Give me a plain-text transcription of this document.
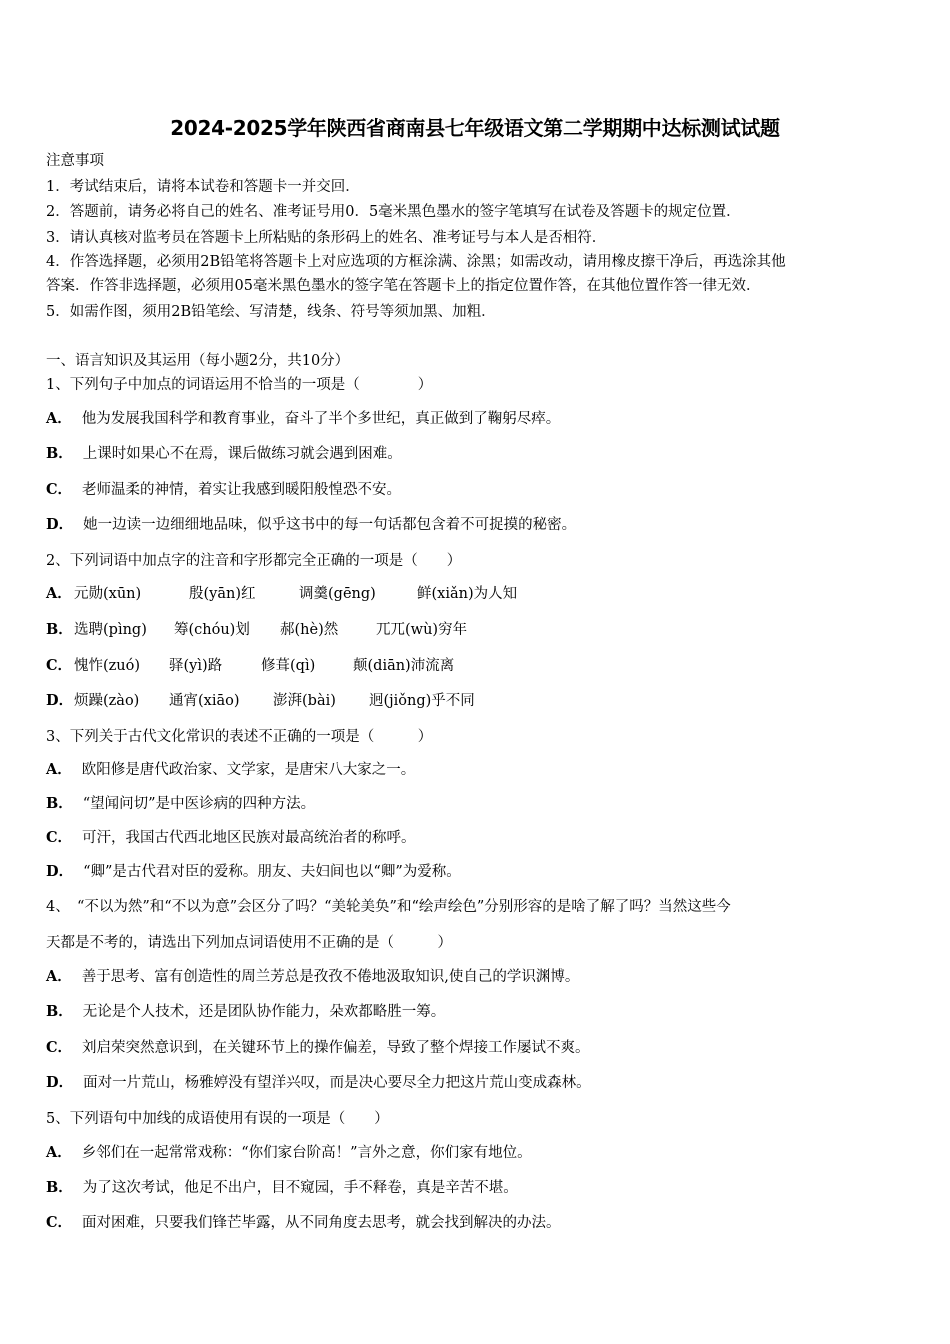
2024-2025学年陕西省商南县七年级语文第二学期期中达标测试试题
注意事项
1．考试结束后，请将本试卷和答题卡一并交回．
2．答题前，请务必将自己的姓名、准考证号用0．5毫米黑色墨水的签字笔填写在试卷及答题卡的规定位置．
3．请认真核对监考员在答题卡上所粘贴的条形码上的姓名、准考证号与本人是否相符．
4．作答选择题，必须用2B铅笔将答题卡上对应选项的方框涂满、涂黑；如需改动，请用橡皮擦干净后，再选涂其他
答案．作答非选择题，必须用05毫米黑色墨水的签字笔在答题卡上的指定位置作答，在其他位置作答一律无效．
5．如需作图，须用2B铅笔绘、写清楚，线条、符号等须加黑、加粗．
一、语言知识及其运用（每小题2分，共10分）
1、下列句子中加点的词语运用不恰当的一项是（　　　　）
A． 他为发展我国科学和教育事业，奋斗了半个多世纪，真正做到了鞠躬尽瘁。
B． 上课时如果心不在焉，课后做练习就会遇到困难。
C． 老师温柔的神情，着实让我感到暖阳般惶恐不安。
D． 她一边读一边细细地品味，似乎这书中的每一句话都包含着不可捉摸的秘密。
2、下列词语中加点字的注音和字形都完全正确的一项是（　　）
A． 元勋(xūn)	殷(yān)红	调羹(gēng)	鲜(xiǎn)为人知
B． 选聘(pìng)	筹(chóu)划	郝(hè)然	兀兀(wù)穷年
C． 愧怍(zuó)	驿(yì)路	修葺(qì)	颠(diān)沛流离
D． 烦躁(zào)	通宵(xiāo)	澎湃(bài)	迥(jiǒng)乎不同
3、下列关于古代文化常识的表述不正确的一项是（　　　）
A． 欧阳修是唐代政治家、文学家，是唐宋八大家之一。
B． “望闻问切”是中医诊病的四种方法。
C． 可汗，我国古代西北地区民族对最高统治者的称呼。
D． “卿”是古代君对臣的爱称。朋友、夫妇间也以“卿”为爱称。
4、　“不以为然”和“不以为意”会区分了吗？“美轮美奂”和“绘声绘色”分别形容的是啥了解了吗？当然这些今
天都是不考的，请选出下列加点词语使用不正确的是（　　　）
A． 善于思考、富有创造性的周兰芳总是孜孜不倦地汲取知识,使自己的学识渊博。
B． 无论是个人技术，还是团队协作能力，朵欢都略胜一筹。
C． 刘启荣突然意识到，在关键环节上的操作偏差，导致了整个焊接工作屡试不爽。
D． 面对一片荒山，杨雅婷没有望洋兴叹，而是决心要尽全力把这片荒山变成森林。
5、下列语句中加线的成语使用有误的一项是（　　）
A． 乡邻们在一起常常戏称：“你们家台阶高！”言外之意，你们家有地位。
B． 为了这次考试，他足不出户，目不窥园，手不释卷，真是辛苦不堪。
C． 面对困难，只要我们锋芒毕露，从不同角度去思考，就会找到解决的办法。
